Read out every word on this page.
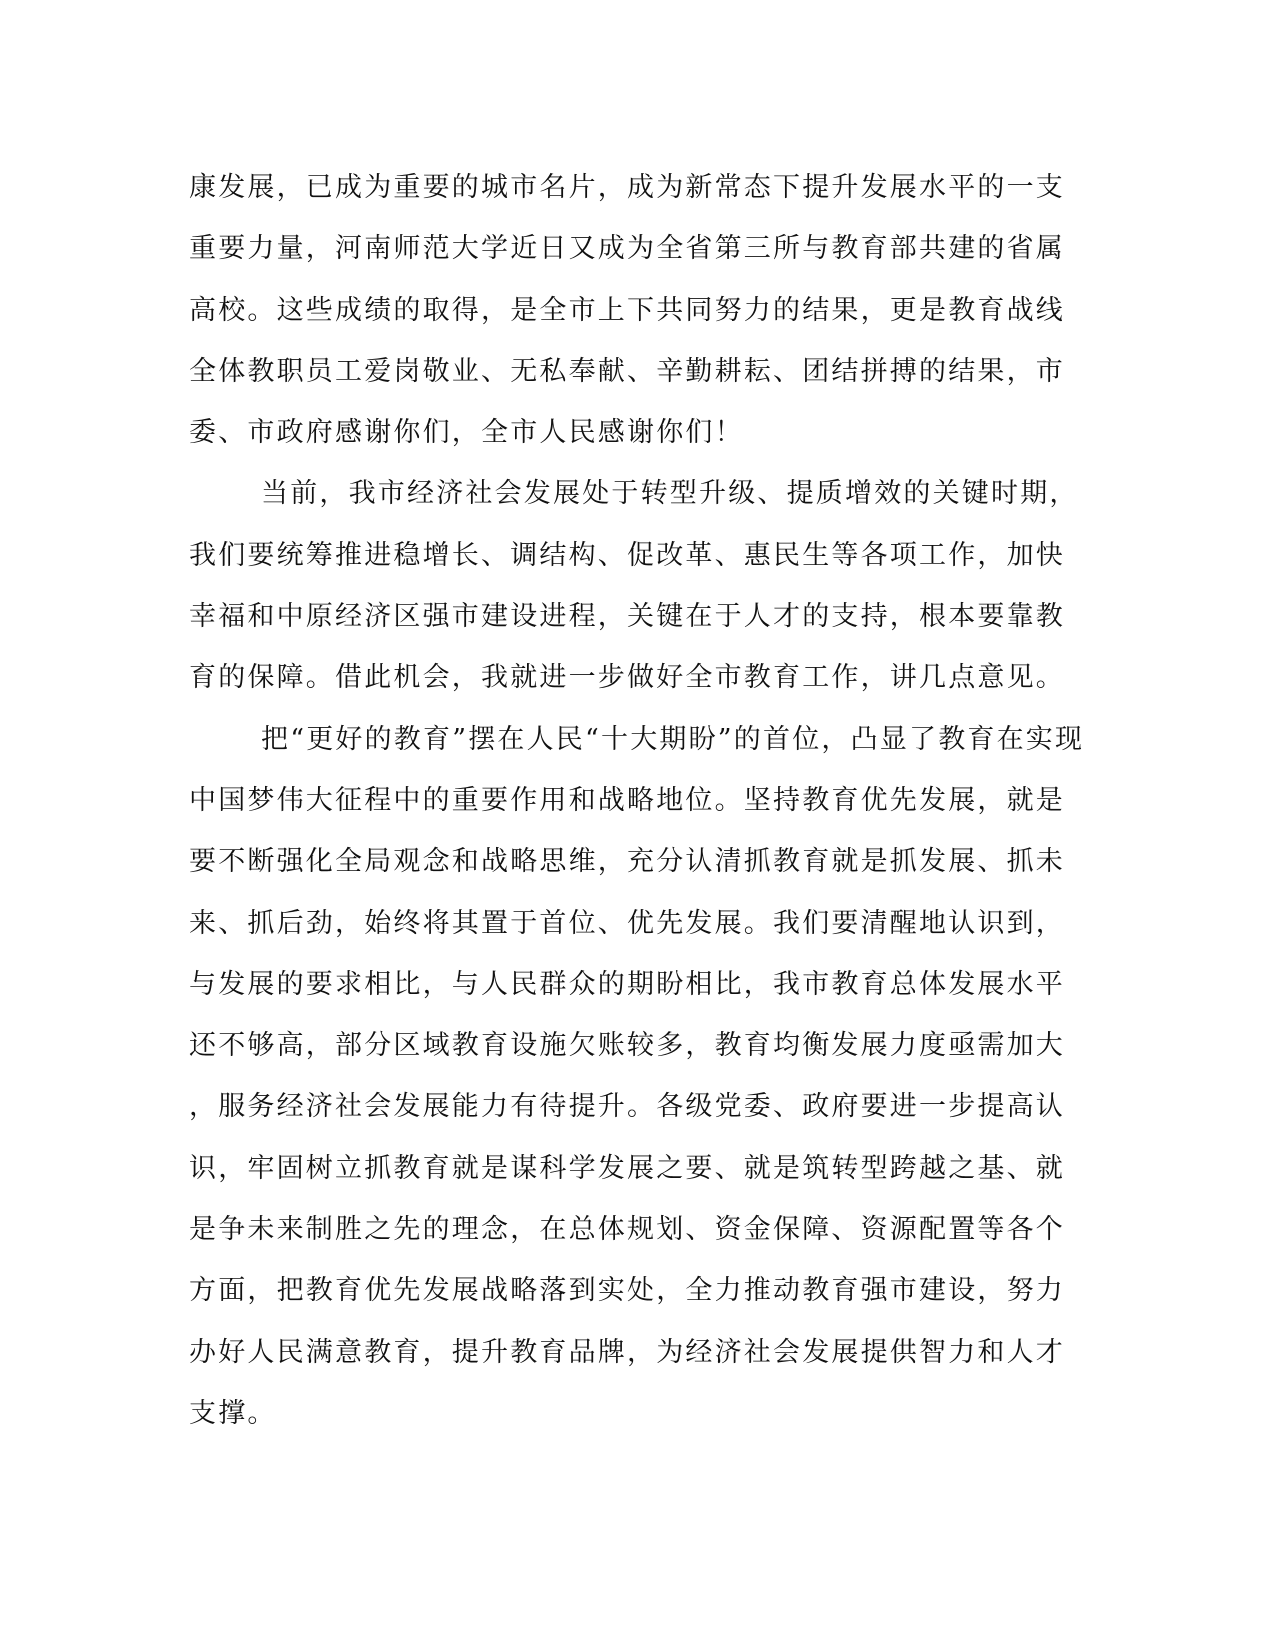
康发展，已成为重要的城市名片，成为新常态下提升发展水平的一支
重要力量，河南师范大学近日又成为全省第三所与教育部共建的省属
高校。这些成绩的取得，是全市上下共同努力的结果，更是教育战线
全体教职员工爱岗敬业、无私奉献、辛勤耕耘、团结拼搏的结果，市
委、市政府感谢你们，全市人民感谢你们！
当前，我市经济社会发展处于转型升级、提质增效的关键时期，
我们要统筹推进稳增长、调结构、促改革、惠民生等各项工作，加快
幸福和中原经济区强市建设进程，关键在于人才的支持，根本要靠教
育的保障。借此机会，我就进一步做好全市教育工作，讲几点意见。
把“更好的教育”摆在人民“十大期盼”的首位，凸显了教育在实现
中国梦伟大征程中的重要作用和战略地位。坚持教育优先发展，就是
要不断强化全局观念和战略思维，充分认清抓教育就是抓发展、抓未
来、抓后劲，始终将其置于首位、优先发展。我们要清醒地认识到，
与发展的要求相比，与人民群众的期盼相比，我市教育总体发展水平
还不够高，部分区域教育设施欠账较多，教育均衡发展力度亟需加大
，服务经济社会发展能力有待提升。各级党委、政府要进一步提高认
识，牢固树立抓教育就是谋科学发展之要、就是筑转型跨越之基、就
是争未来制胜之先的理念，在总体规划、资金保障、资源配置等各个
方面，把教育优先发展战略落到实处，全力推动教育强市建设，努力
办好人民满意教育，提升教育品牌，为经济社会发展提供智力和人才
支撑。
